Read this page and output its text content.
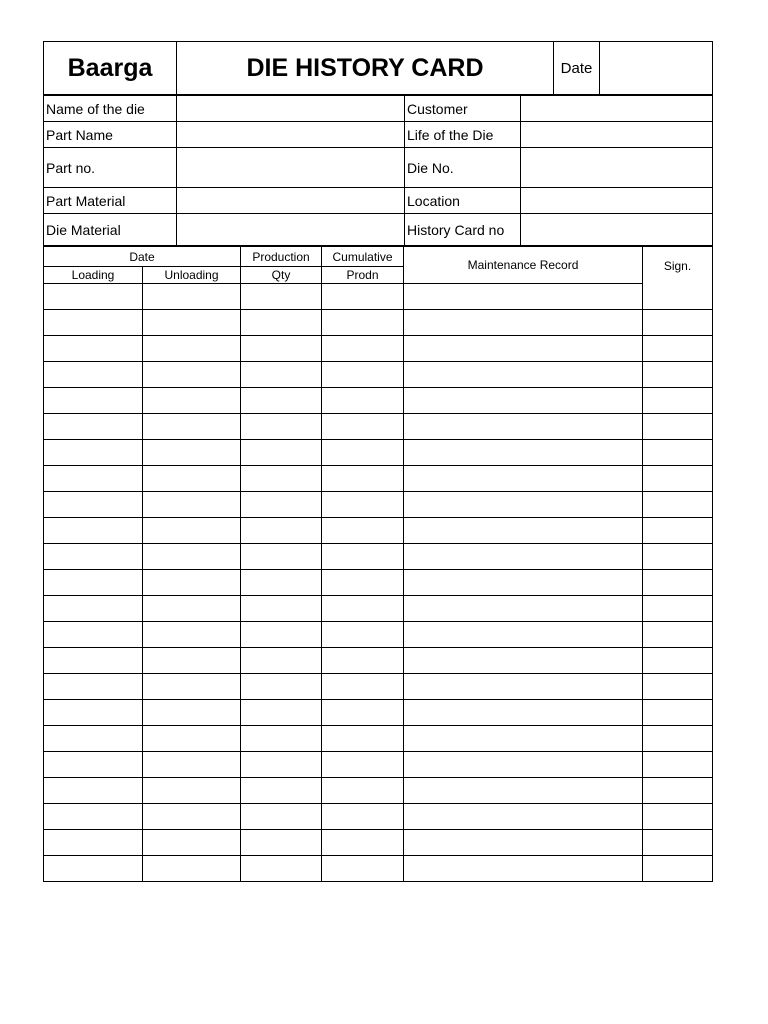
Baarga	DIE HISTORY CARD	Date	
Name of the die		Customer	
Part Name		Life of the Die	
Part no.		Die No.	
Part Material		Location	
Die Material		History Card no	
Date		Production	Cumulative	Maintenance Record	Sign.
Loading	Unloading	Qty	Prodn		
